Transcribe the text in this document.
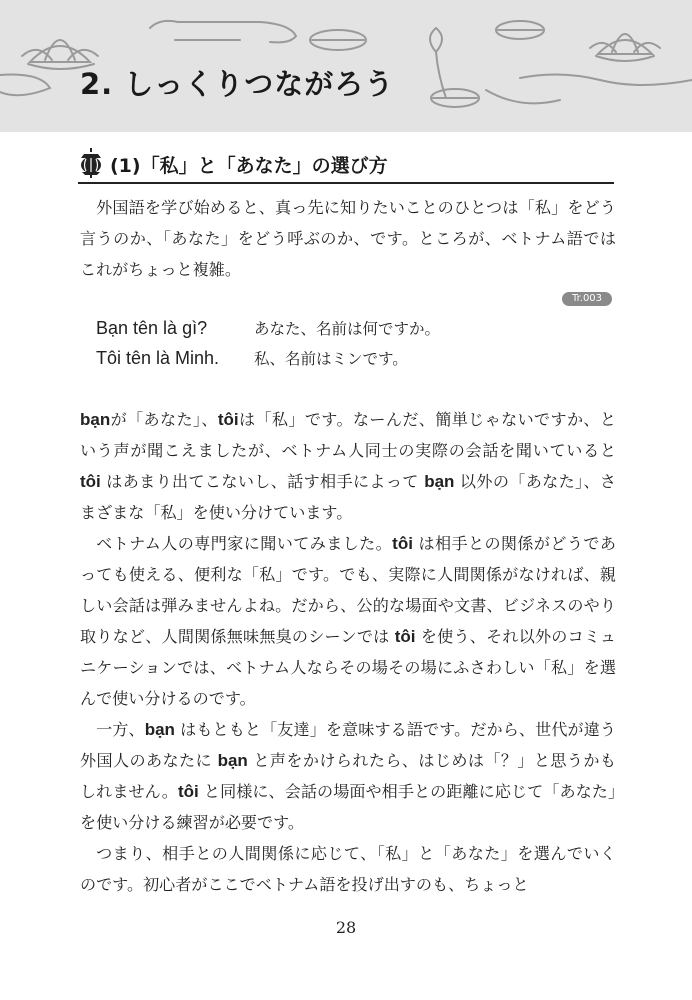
2. しっくりつながろう
(1)「私」と「あなた」の選び方

外国語を学び始めると、真っ先に知りたいことのひとつは「私」をどう言うのか、「あなた」をどう呼ぶのか、です。ところが、ベトナム語ではこれがちょっと複雑。

Tr.003
Bạn tên là gì?	あなた、名前は何ですか。
Tôi tên là Minh. 私、名前はミンです。

bạnが「あなた」、tôiは「私」です。なーんだ、簡単じゃないですか、という声が聞こえましたが、ベトナム人同士の実際の会話を聞いていると tôi はあまり出てこないし、話す相手によって bạn 以外の「あなた」、さまざまな「私」を使い分けています。

ベトナム人の専門家に聞いてみました。tôi は相手との関係がどうであっても使える、便利な「私」です。でも、実際に人間関係がなければ、親しい会話は弾みませんよね。だから、公的な場面や文書、ビジネスのやり取りなど、人間関係無味無臭のシーンでは tôi を使う、それ以外のコミュニケーションでは、ベトナム人ならその場その場にふさわしい「私」を選んで使い分けるのです。

一方、bạn はもともと「友達」を意味する語です。だから、世代が違う外国人のあなたに bạn と声をかけられたら、はじめは「？」と思うかもしれません。tôi と同様に、会話の場面や相手との距離に応じて「あなた」を使い分ける練習が必要です。

つまり、相手との人間関係に応じて、「私」と「あなた」を選んでいくのです。初心者がここでベトナム語を投げ出すのも、ちょっと

28
